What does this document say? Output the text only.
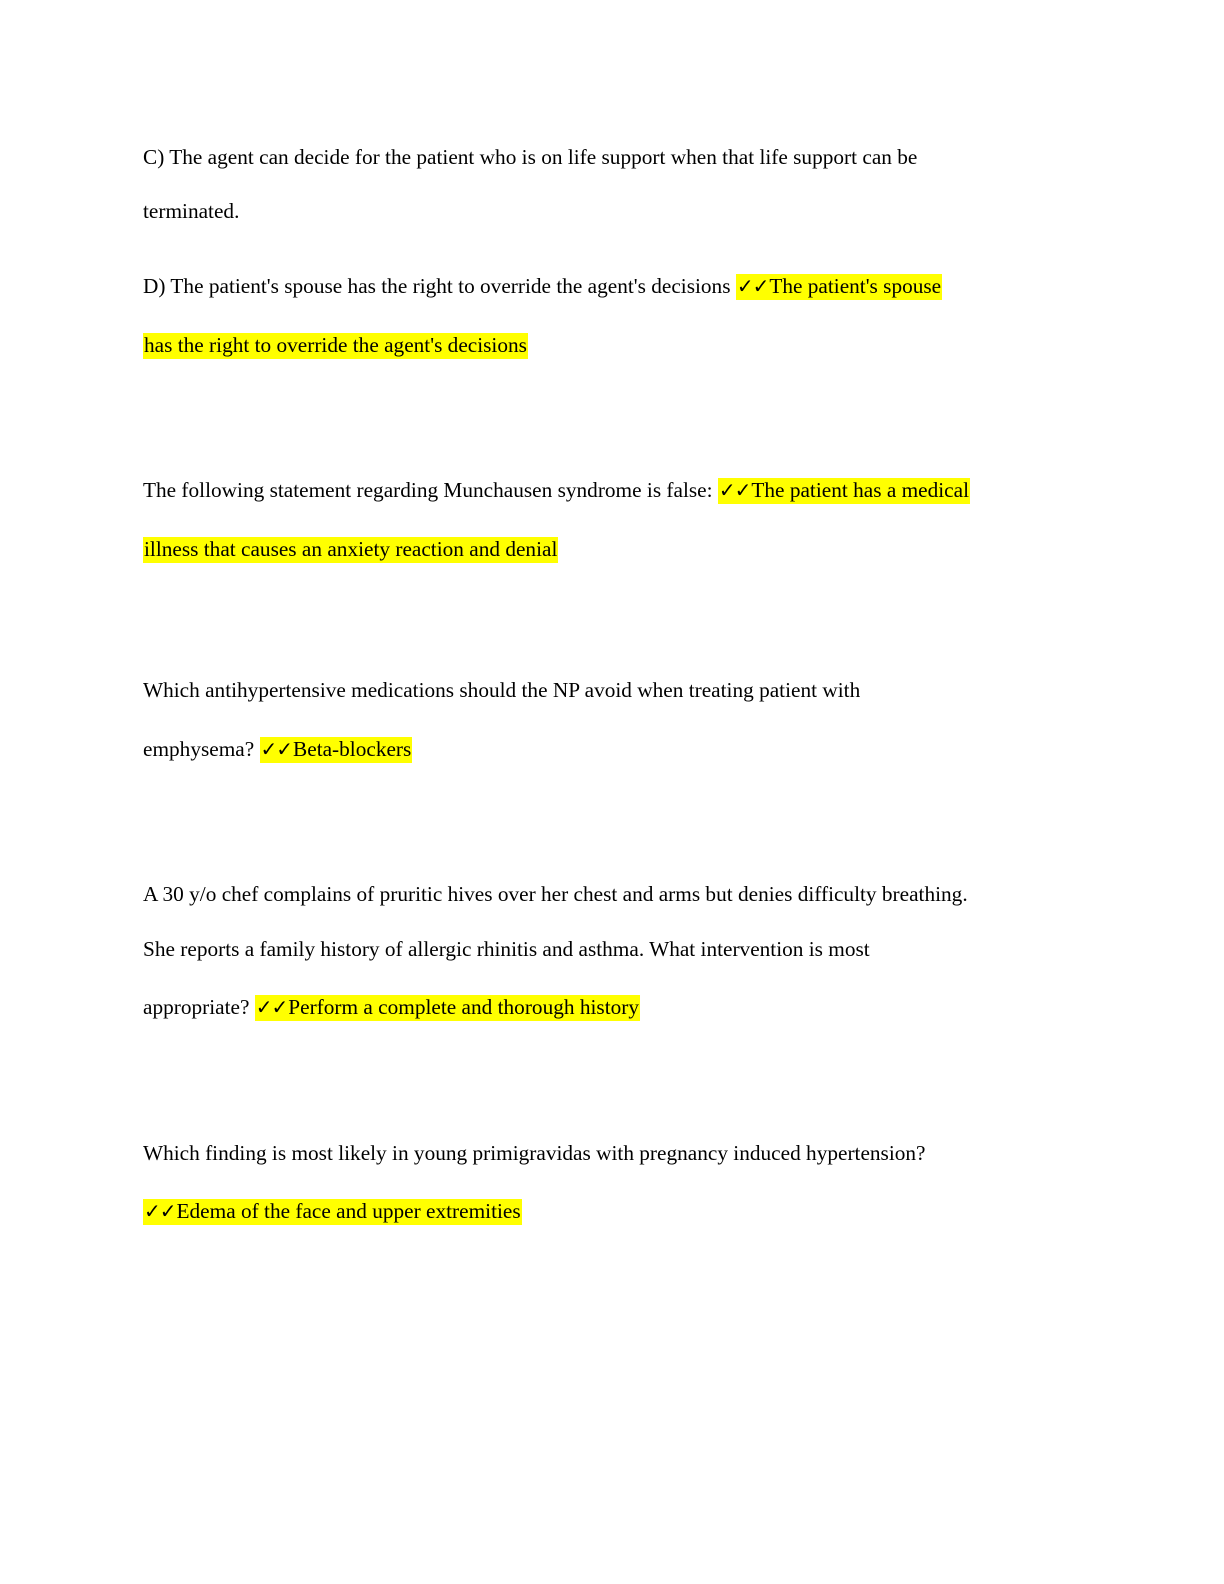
C) The agent can decide for the patient who is on life support when that life support can be
terminated.
D) The patient's spouse has the right to override the agent's decisions ✓✓The patient's spouse
has the right to override the agent's decisions
The following statement regarding Munchausen syndrome is false: ✓✓The patient has a medical
illness that causes an anxiety reaction and denial
Which antihypertensive medications should the NP avoid when treating patient with
emphysema? ✓✓Beta-blockers
A 30 y/o chef complains of pruritic hives over her chest and arms but denies difficulty breathing.
She reports a family history of allergic rhinitis and asthma. What intervention is most
appropriate? ✓✓Perform a complete and thorough history
Which finding is most likely in young primigravidas with pregnancy induced hypertension?
✓✓Edema of the face and upper extremities
